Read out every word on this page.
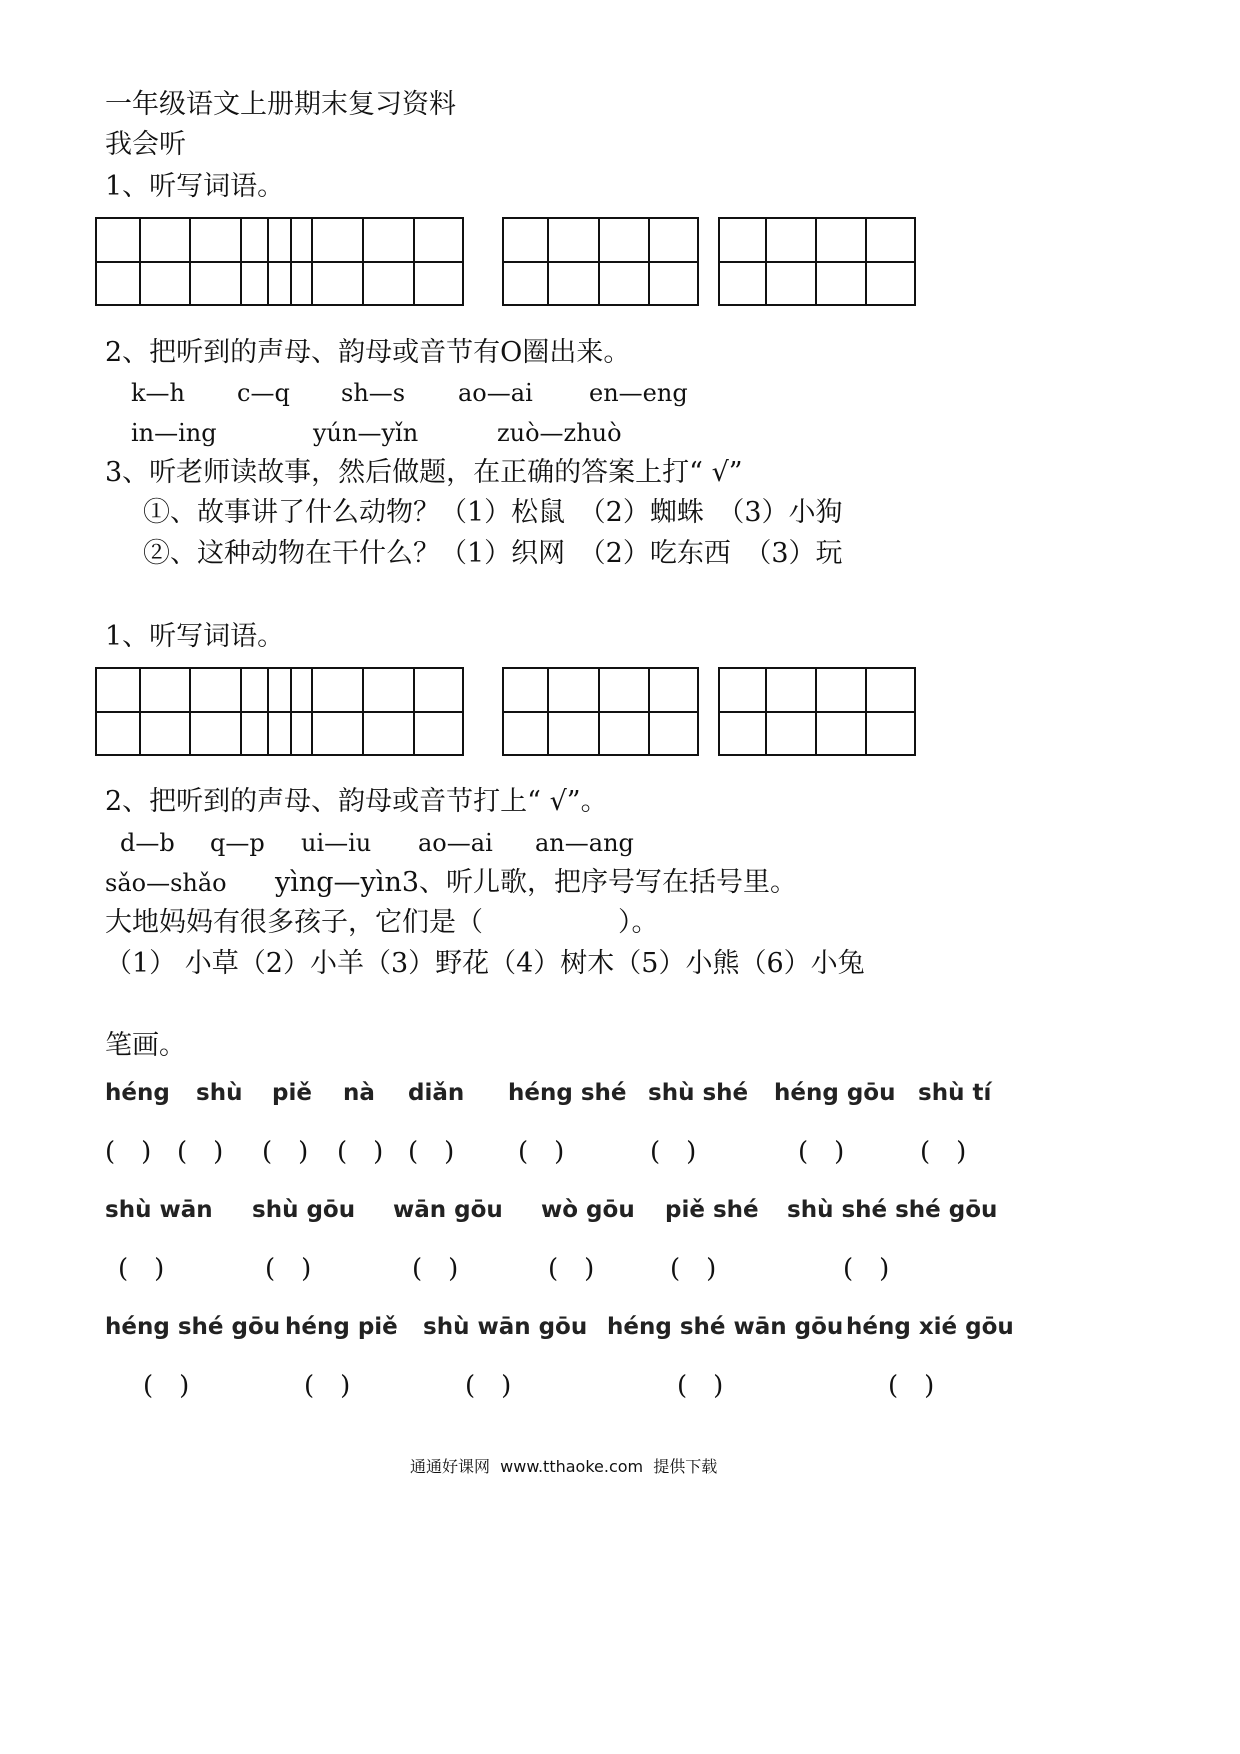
一年级语文上册期末复习资料
我会听
1、听写词语。
2、把听到的声母、韵母或音节有O圈出来。
k—h c—q sh—s ao—ai en—eng
in—ing	yún—yǐn	zuò—zhuò
3、听老师读故事，然后做题，在正确的答案上打“ √”
①、故事讲了什么动物？（1）松鼠　（2）蜘蛛　（3）小狗
②、这种动物在干什么？（1）织网　（2）吃东西　（3）玩
1、听写词语。
2、把听到的声母、韵母或音节打上“ √”。
d—b q—p ui—iu ao—ai an—ang
sǎo—shǎo yìng—yìn3、听儿歌，把序号写在括号里。
大地妈妈有很多孩子，它们是（　　　　　）。
（1） 小草（2）小羊（3）野花（4）树木（5）小熊（6）小兔
笔画。
héng shù piě nà diǎn héng shé shù shé héng gōu shù tí
(　) (　) (　) (　) (　) (　)	(　)	(　)	(　)
shù wān shù gōu wān gōu wò gōu piě shé shù shé shé gōu
(　)	(　)	(　)	(　)	(　)	(　)
héng shé gōu héng piě shù wān gōu héng shé wān gōu héng xié gōu
(　)	(　)	(　)	(　)	(　)
通通好课网  www.tthaoke.com  提供下载
